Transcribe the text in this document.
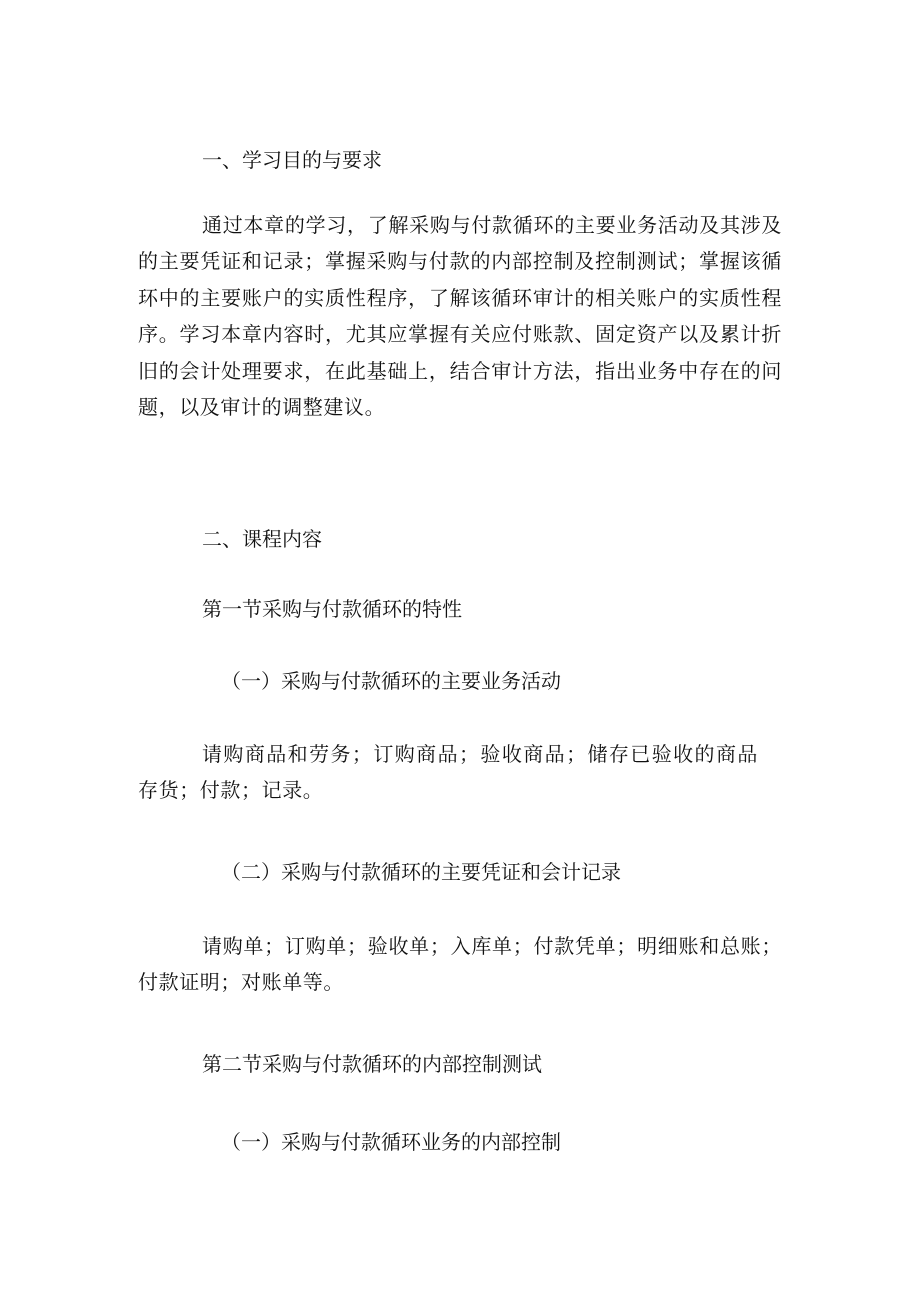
一、学习目的与要求

通过本章的学习，了解采购与付款循环的主要业务活动及其涉及的主要凭证和记录；掌握采购与付款的内部控制及控制测试；掌握该循环中的主要账户的实质性程序，了解该循环审计的相关账户的实质性程序。学习本章内容时，尤其应掌握有关应付账款、固定资产以及累计折旧的会计处理要求，在此基础上，结合审计方法，指出业务中存在的问题，以及审计的调整建议。

二、课程内容

第一节采购与付款循环的特性

（一）采购与付款循环的主要业务活动

请购商品和劳务；订购商品；验收商品；储存已验收的商品存货；付款；记录。

（二）采购与付款循环的主要凭证和会计记录

请购单；订购单；验收单；入库单；付款凭单；明细账和总账；付款证明；对账单等。

第二节采购与付款循环的内部控制测试

（一）采购与付款循环业务的内部控制
